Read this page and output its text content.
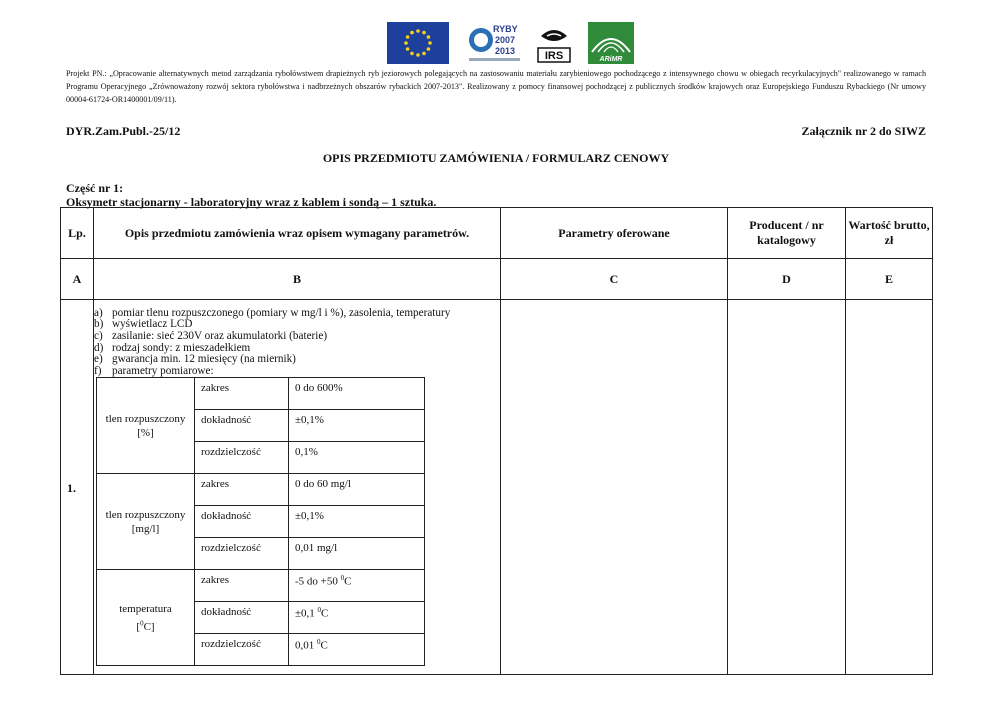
RYBY
2007
2013	IRS	ARiMR
Projekt PN.: „Opracowanie alternatywnych metod zarządzania rybołówstwem drapieżnych ryb jeziorowych polegających na zastosowaniu materiału zarybieniowego pochodzącego z intensywnego chowu w obiegach recyrkulacyjnych" realizowanego w ramach Programu Operacyjnego „Zrównoważony rozwój sektora rybołówstwa i nadbrzeżnych obszarów rybackich 2007-2013". Realizowany z pomocy finansowej pochodzącej z publicznych środków krajowych oraz Europejskiego Funduszu Rybackiego (Nr umowy 00004-61724-OR1400001/09/11).
DYR.Zam.Publ.-25/12	Załącznik nr 2 do SIWZ
OPIS PRZEDMIOTU ZAMÓWIENIA / FORMULARZ CENOWY
Część nr 1:
Oksymetr stacjonarny - laboratoryjny wraz z kablem i sondą – 1 sztuka.
Lp.	Opis przedmiotu zamówienia wraz opisem wymagany parametrów.	Parametry oferowane	Producent / nr katalogowy	Wartość brutto, zł
A	B	C	D	E

1.

a) pomiar tlenu rozpuszczonego (pomiary w mg/l i %), zasolenia, temperatury
b) wyświetlacz LCD
c) zasilanie: sieć 230V oraz akumulatorki (baterie)
d) rodzaj sondy: z mieszadełkiem
e) gwarancja min. 12 miesięcy (na miernik)
f) parametry pomiarowe:
tlen rozpuszczony
[%]	zakres	0 do 600%
dokładność	±0,1%
rozdzielczość	0,1%
tlen rozpuszczony
[mg/l]	zakres	0 do 60 mg/l
dokładność	±0,1%
rozdzielczość	0,01 mg/l
temperatura
[$^0$C]	zakres	-5 do +50 $^0$C
dokładność	±0,1 $^0$C
rozdzielczość	0,01 $^0$C
